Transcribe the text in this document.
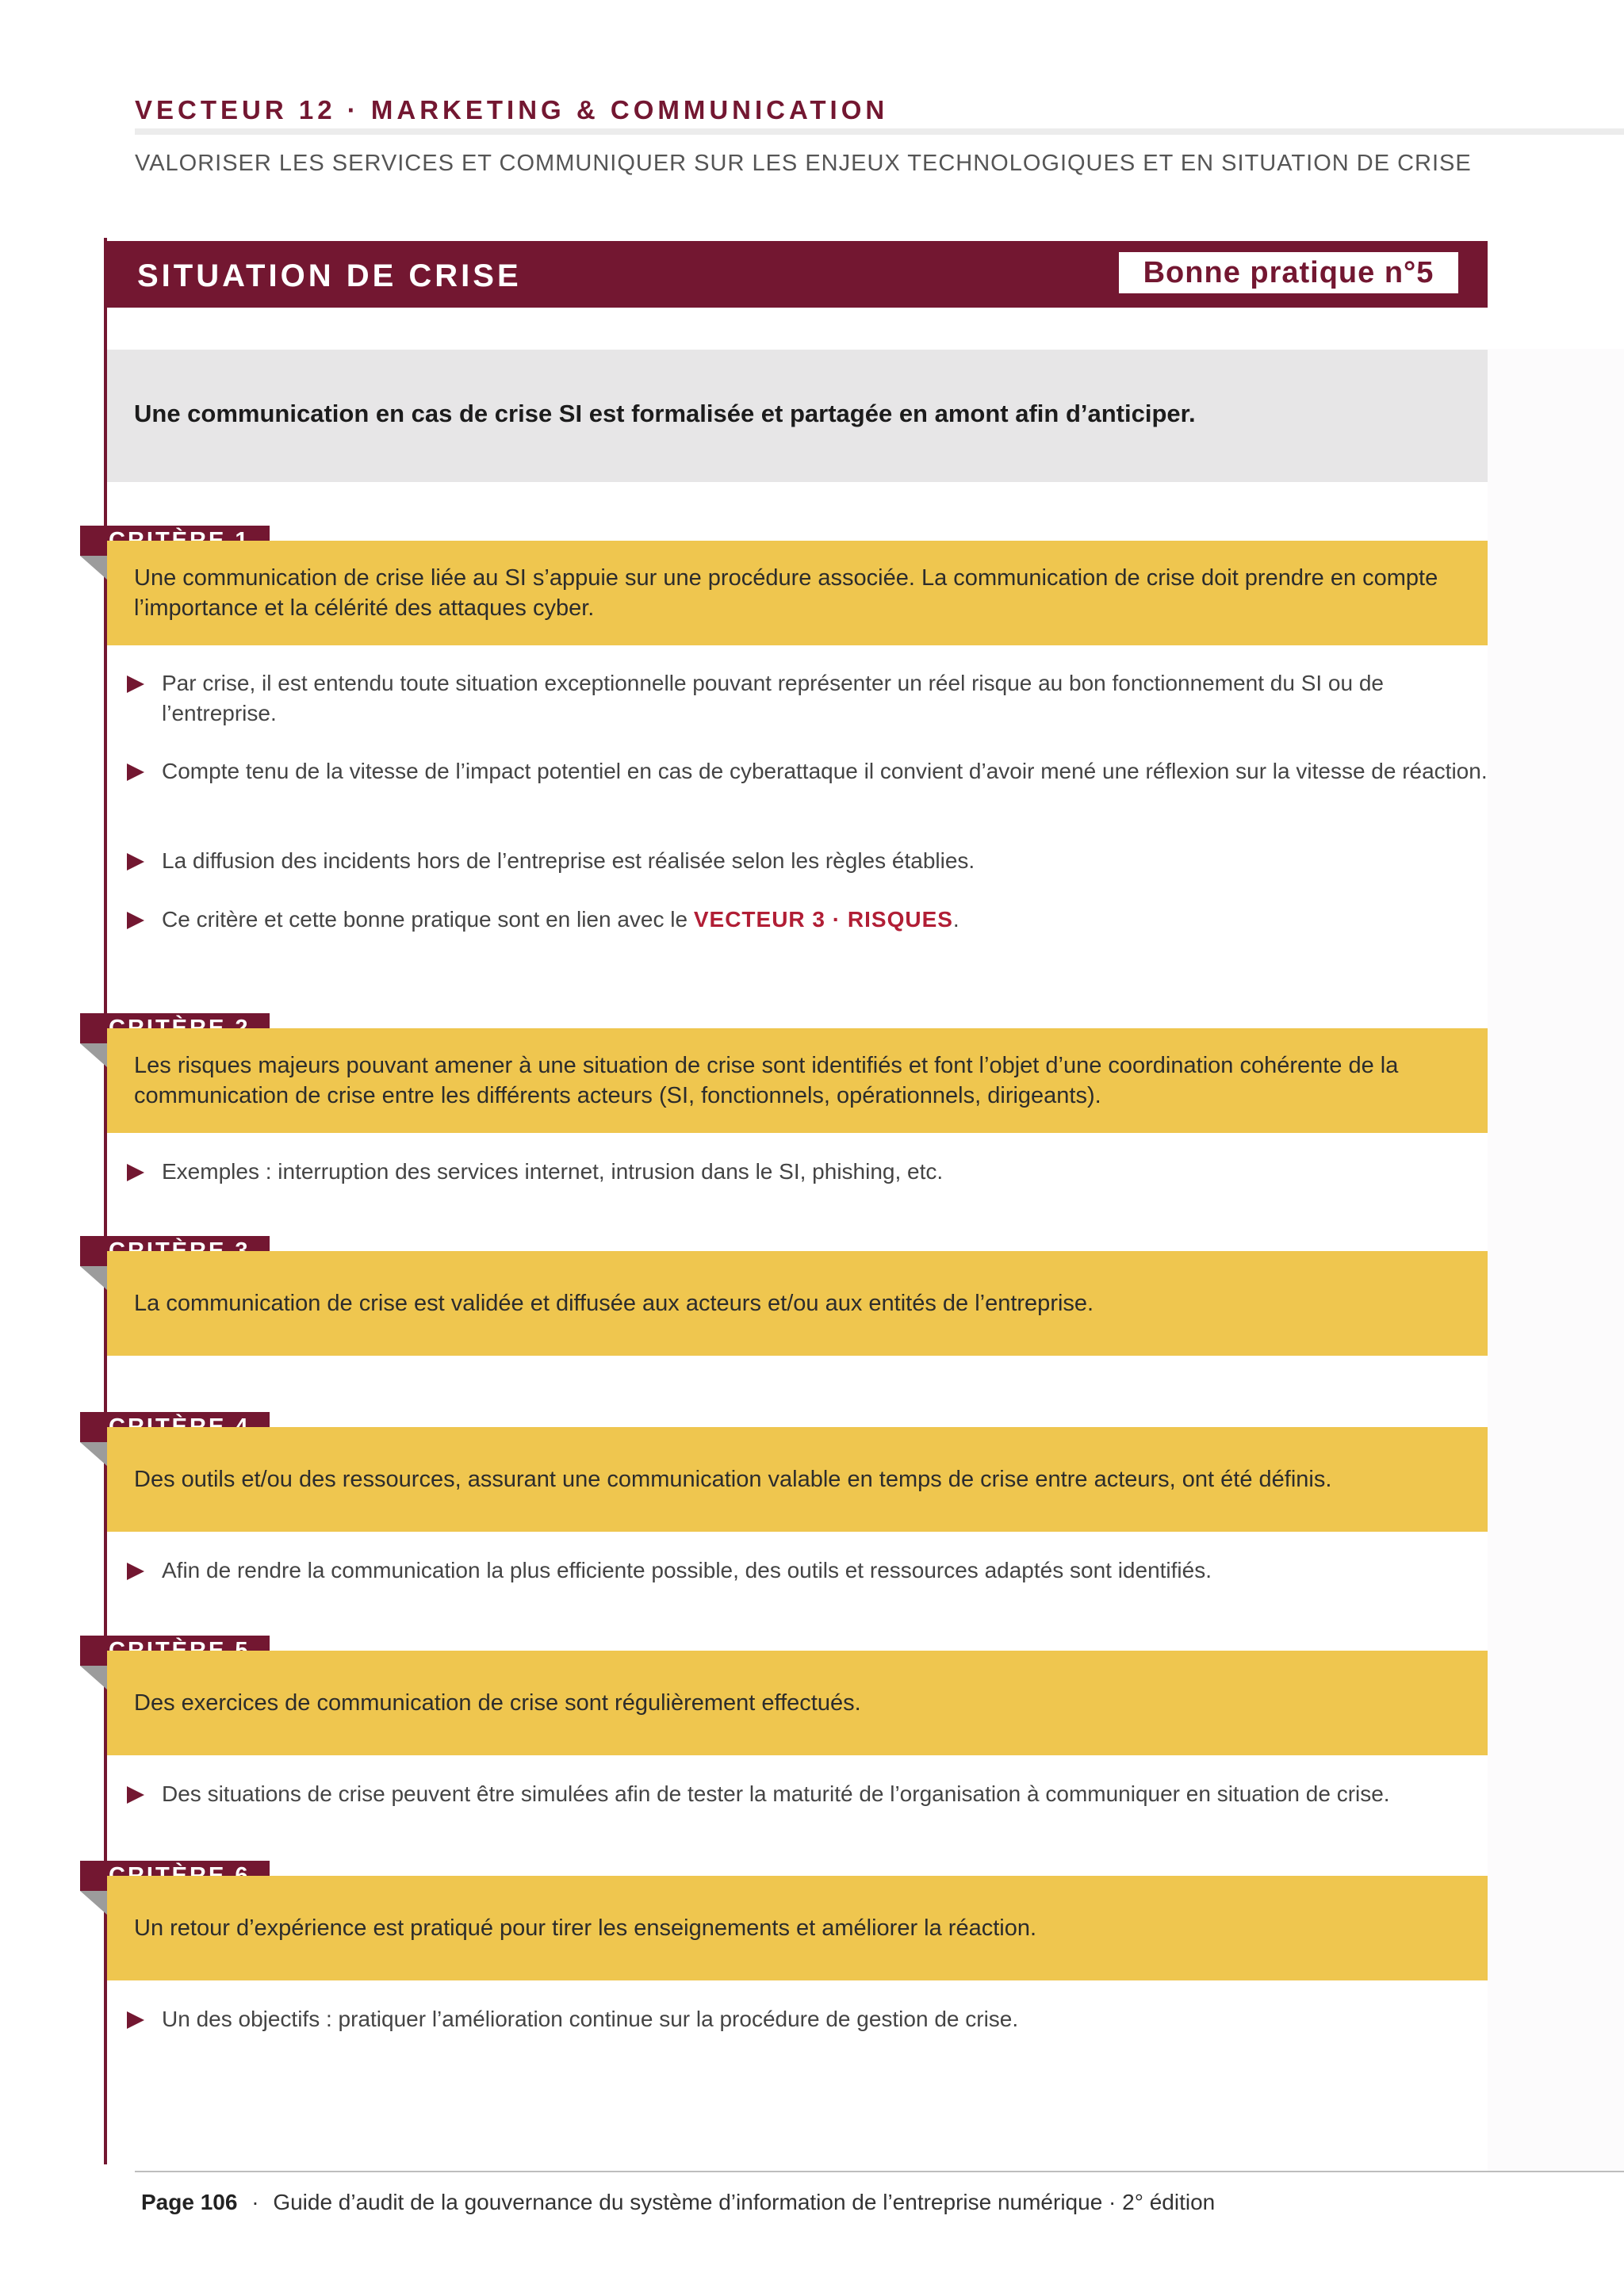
VECTEUR 12 · MARKETING & COMMUNICATION
VALORISER LES SERVICES ET COMMUNIQUER SUR LES ENJEUX TECHNOLOGIQUES ET EN SITUATION DE CRISE
SITUATION DE CRISE	Bonne pratique n°5
Une communication en cas de crise SI est formalisée et partagée en amont afin d’anticiper.
Une communication de crise liée au SI s’appuie sur une procédure associée. La communication de crise doit prendre en compte l’importance et la célérité des attaques cyber.
Par crise, il est entendu toute situation exceptionnelle pouvant représenter un réel risque au bon fonctionnement du SI ou de l’entreprise.
Compte tenu de la vitesse de l’impact potentiel en cas de cyberattaque il convient d’avoir mené une réflexion sur la vitesse de réaction.
La diffusion des incidents hors de l’entreprise est réalisée selon les règles établies.
Ce critère et cette bonne pratique sont en lien avec le VECTEUR 3 · RISQUES.
Les risques majeurs pouvant amener à une situation de crise sont identifiés et font l’objet d’une coordination cohérente de la communication de crise entre les différents acteurs (SI, fonctionnels, opérationnels, dirigeants).
Exemples : interruption des services internet, intrusion dans le SI, phishing, etc.
La communication de crise est validée et diffusée aux acteurs et/ou aux entités de l’entreprise.
Des outils et/ou des ressources, assurant une communication valable en temps de crise entre acteurs, ont été définis.
Afin de rendre la communication la plus efficiente possible, des outils et ressources adaptés sont identifiés.
Des exercices de communication de crise sont régulièrement effectués.
Des situations de crise peuvent être simulées afin de tester la maturité de l’organisation à communiquer en situation de crise.
Un retour d’expérience est pratiqué pour tirer les enseignements et améliorer la réaction.
Un des objectifs : pratiquer l’amélioration continue sur la procédure de gestion de crise.
Page 106 · Guide d’audit de la gouvernance du système d’information de l’entreprise numérique · 2° édition
